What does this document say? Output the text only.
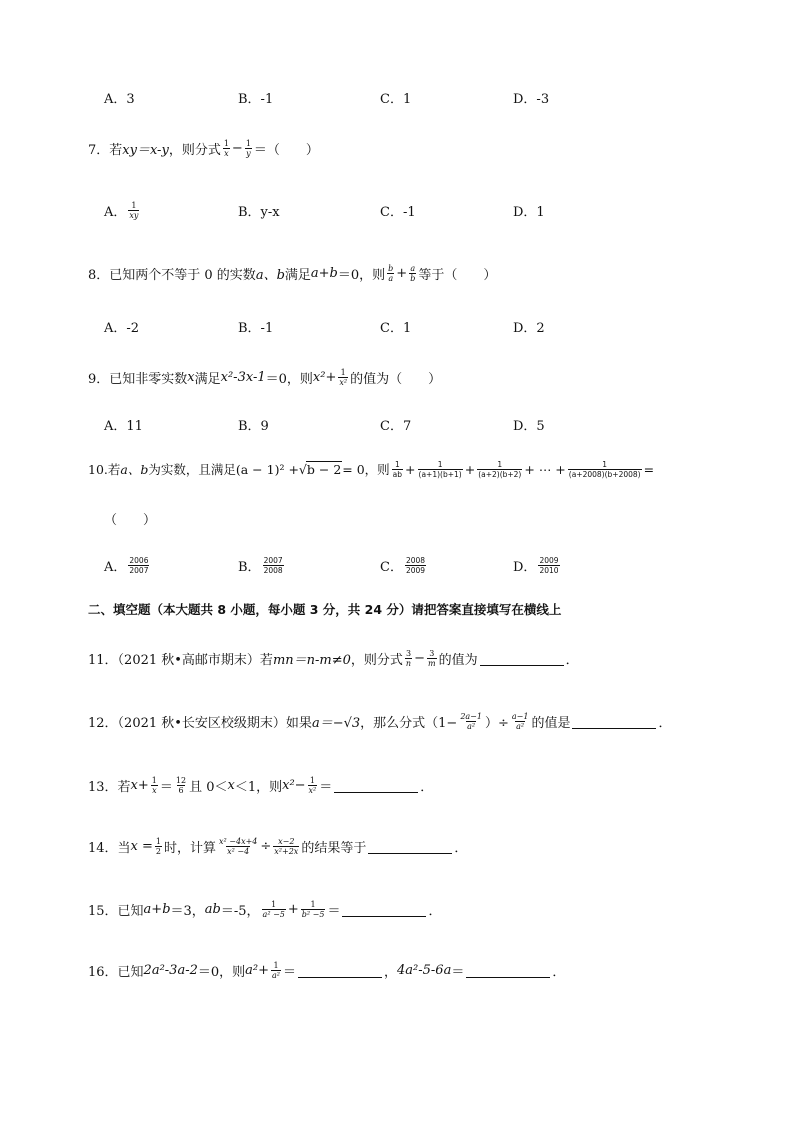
A．3	B．-1	C．1	D．-3
7．若 xy＝x-y ，则分式 $\frac{1}{x} - \frac{1}{y}$ ＝（　　）
A． $\frac{1}{xy}$	B．y-x	C．-1	D．1
8．已知两个不等于 0 的实数 a、b 满足 a+b ＝0，则 $\frac{b}{a} + \frac{a}{b}$ 等于（　　）
A．-2	B．-1	C．1	D．2
9．已知非零实数 x 满足 x²-3x-1 ＝0，则 $x^2+ \frac{1}{\text{x²}}$ 的值为（　　）
A．11	B．9	C．7	D．5
10.若 a、b 为实数，且满足 (a − 1)² + √ b − 2 = 0，则 $\frac{1}{ab} + \frac{1}{(a+1)(b+1)} + \frac{1}{(a+2)(b+2)}$ + ⋯ + $\frac{1}{(a+2008)(b+2008)}$ =
（　　）
A． $\frac{2006}{2007}$	B． $\frac{2007}{2008}$	C． $\frac{2008}{2009}$	D． $\frac{2009}{2010}$
二、填空题（本大题共 8 小题，每小题 3 分，共 24 分）请把答案直接填写在横线上
11．（2021 秋•高邮市期末）若 mn＝n-m≠0 ，则分式 $\frac{3}{n} - \frac{3}{m}$ 的值为	．
12．（2021 秋•长安区校级期末）如果 a＝−√3 ，那么分式（$1- \frac{2a-1}{\text{a²}}$ ）÷ $\frac{a-1}{\text{a²}}$ 的值是	．
13．若 $x+ \frac{1}{x} = \frac{12}{6}$ 且 0＜ x ＜1，则 $x^2- \frac{1}{\text{x²}}$ ＝	．
14．当 $x = \frac{1}{2}$ 时，计算 $\frac{\text{x² −4x+4}}{\text{x² −4}} \div \frac{x-2}{\text{x²+2x}}$ 的结果等于	．
15．已知 a+b ＝3， ab ＝-5， $\frac{1}{\text{a² −5}} + \frac{1}{\text{b² −5}}$ ＝	．
16．已知 2a²-3a-2 ＝0，则 $a^2+ \frac{1}{\text{a²}}$ ＝	， 4a²-5-6a ＝	．
